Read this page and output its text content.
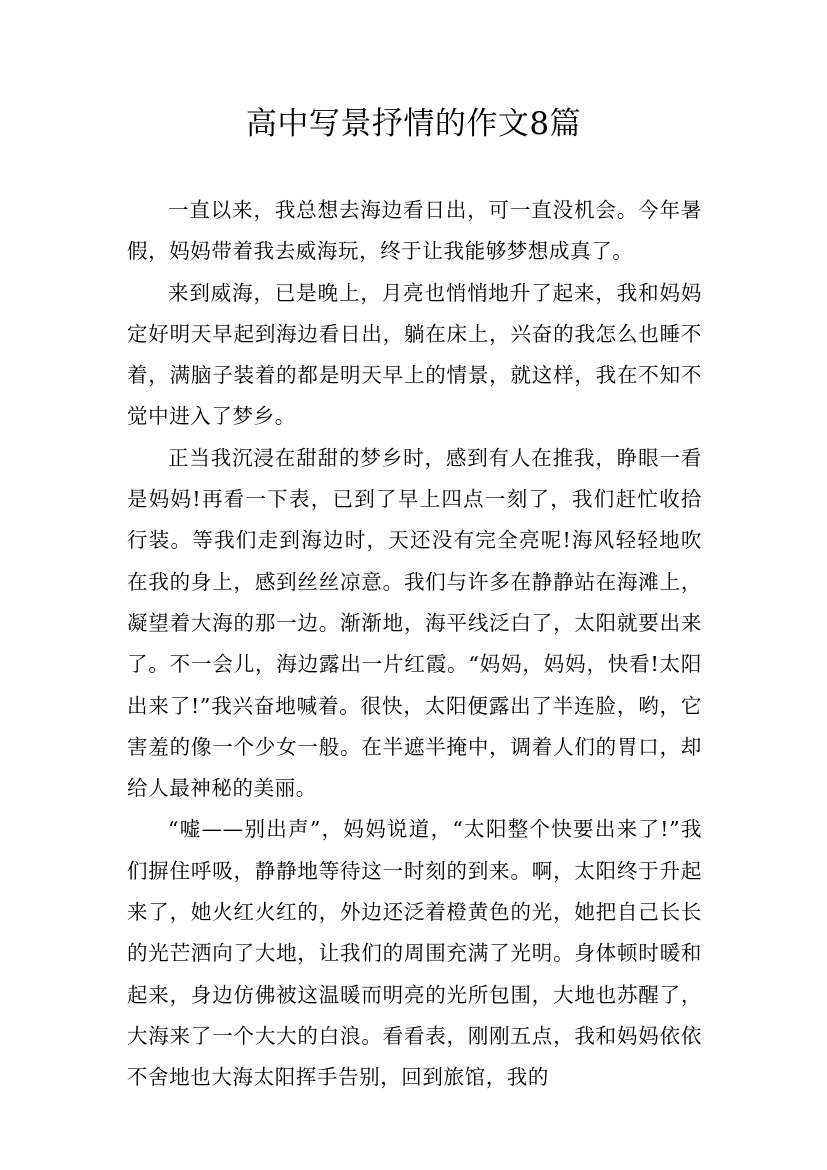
高中写景抒情的作文8篇

一直以来，我总想去海边看日出，可一直没机会。今年暑假，妈妈带着我去威海玩，终于让我能够梦想成真了。

来到威海，已是晚上，月亮也悄悄地升了起来，我和妈妈定好明天早起到海边看日出，躺在床上，兴奋的我怎么也睡不着，满脑子装着的都是明天早上的情景，就这样，我在不知不觉中进入了梦乡。

正当我沉浸在甜甜的梦乡时，感到有人在推我，睁眼一看是妈妈!再看一下表，已到了早上四点一刻了，我们赶忙收拾行装。等我们走到海边时，天还没有完全亮呢!海风轻轻地吹在我的身上，感到丝丝凉意。我们与许多在静静站在海滩上，凝望着大海的那一边。渐渐地，海平线泛白了，太阳就要出来了。不一会儿，海边露出一片红霞。“妈妈，妈妈，快看!太阳出来了!”我兴奋地喊着。很快，太阳便露出了半连脸，哟，它害羞的像一个少女一般。在半遮半掩中，调着人们的胃口，却给人最神秘的美丽。

“嘘——别出声”，妈妈说道，“太阳整个快要出来了!”我们摒住呼吸，静静地等待这一时刻的到来。啊，太阳终于升起来了，她火红火红的，外边还泛着橙黄色的光，她把自己长长的光芒洒向了大地，让我们的周围充满了光明。身体顿时暖和起来，身边仿佛被这温暖而明亮的光所包围，大地也苏醒了，大海来了一个大大的白浪。看看表，刚刚五点，我和妈妈依依不舍地也大海太阳挥手告别，回到旅馆，我的
